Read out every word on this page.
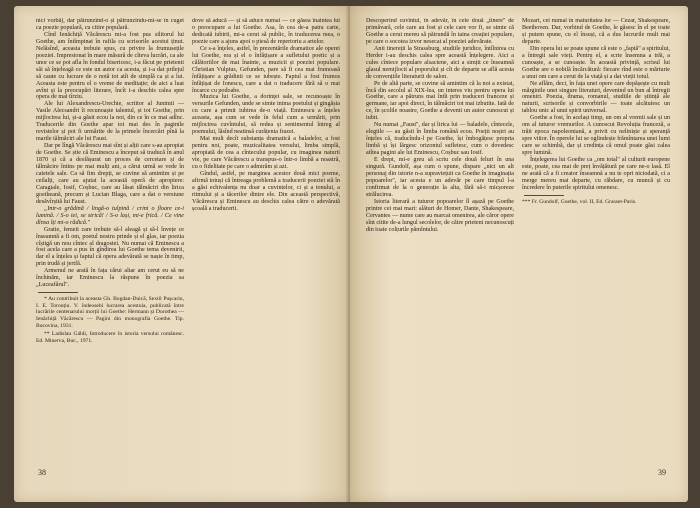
nici vorbă), dar pătrunzînd-o și pătrunzîndu-mi-se în cuget ca poezie populară, cu citire populară.

Cînd Ienăchiță Văcărescu mi-a fost pus silitorul lui Goethe, am întîmpinat în rafila cu scrisorile acestui ținut. Nelăsînd, aceasta trebuie spus, cu privire la frumusețile poeziei. Impresionat în mare măsură de cîteva lucrări, ca ale unor ce se pot afla în fondul bisericesc, i-a făcut pe prietenii săi să înțeleagă ce este un autor ca acesta, și i-a dat prilejul să caute cu lucrare de o notă tot atît de simplă ca și a lui. Aceasta este pentru el o vreme de meditație; de aici a luat avînt și la preocupări literare, încît i-a deschis calea spre opera de mai tîrziu.

Ale lui Alexandrescu-Urechie, scriitor al Junimii — Vasile Alecsandri îi recunoaște talentul, și tot Goethe, prin mijlocirea lui, și-a găsit ecou la noi, din ce în ce mai adînc. Traducerile din Goethe apar tot mai des în paginile revistelor și pot fi urmărite de la primele încercări pînă la marile tălmăciri ale lui Faust.

Dar pe lîngă Văcărescu mai sînt și alții care s-au apropiat de Goethe. Se știe că Eminescu a început să traducă în anul 1870 și că a desfășurat un proces de cercetare și de tălmăcire întins pe mai mulți ani, a cărui urmă se vede în caietele sale. Ca să fim drepți, se cuvine să amintim și pe ceilalți, care au ajutat la această operă de apropiere: Caragiale, Iosif, Coșbuc, care au lăsat tălmăciri din lirica goetheană, precum și Lucian Blaga, care a dat o versiune desăvîrșită lui Faust.

„Intr-o grădină / lingă-o tulpină / crini o floare ce-i lumină. / S-o iei, se strică! / S-o lași, mi-e frică. / Ce vine dînsa îți mi-o rădică."

Gratie, femeii care trebuie să-l aleagă și să-l învețe ce înseamnă a fi om, poetul nostru prinde și el glas, iar poezia cîștigă un nou cîntec al dragostei. Nu numai că Eminescu a fost acela care a pus în gîndirea lui Goethe tema devenirii, dar el a înțeles și faptul că opera adevărată se naște în timp, prin trudă și jertfă.

Armenul ne arată în fața cărui altar am cerut eu să ne închinăm, iar Eminescu la răspuns în poezia sa „Luceafărul".

* Au contribuit la aceasta Gh. Bogdan-Duică, Sextil Pușcariu, I. E. Torouțiu. V. îndeosebi lucrarea acestuia, publicată între lucrările centenarului morții lui Goethe: Hermann și Dorothea — Ienăchiță Văcărescu — Pagini din monografia Goethe. Tip. Bucovina, 1931.

** Ladislau Gáldi, Introducere în istoria versului românesc. Ed. Minerva, Buc., 1971.

dove să aducă — și să aduce numai — ce găsea înaintea lui o preocupare a lui Goethe. Asa, în cea de-a patra carte, dedicată iubirii, mi-a cerut să public, în traducerea mea, o poezie care a ajuns apoi o piesă de repertoriu a artelor.

Ce s-a înțeles, astfel, în prezentările dramatice ale operei lui Goethe, era și el o înfățișare a sufletului poetic și a călătoriilor de mai înainte, a muzicii și poeziei populare. Christian Vulpius, Gefunden, pare să fi cea mai frumoasă înfățișare a grădinii ce se iubește. Faptul a fost frumos înfățișat de Ionescu, care a dat o traducere fără să o mai încarce cu podoabe.

Muzica lui Goethe, a dorinței sale, se recunoaște în versurile Gefunden, unde se simte inima poetului și gingășia cu care a primit iubirea de-o viață. Eminescu a înțeles aceasta, așa cum se vede în felul cum a urmărit, prin mijlocirea cuvîntului, să redea și sentimentul întreg al poemului, lăsînd neatinsă curățenia frazei.

Mai mult decît substanța dramatică a baladelor, a fost pentru noi, poate, muzicalitatea versului, limba simplă, apropiată de cea a cîntecului popular, cu imaginea naturii vie, pe care Văcărescu a transpus-o într-o limbă a noastră, cu o fidelitate pe care o admirăm și azi.

Gîndul, astfel, pe marginea acestor două mici poeme, afirmă totuși că întreaga problemă a traducerii poeziei stă în a găsi echivalența nu doar a cuvintelor, ci și a tonului, a ritmului și a tăcerilor dintre ele. Din această perspectivă, Văcărescu și Eminescu au deschis calea către o adevărată școală a traducerii.

38

Descoperind cuvîntul, în adevăr, în cele două „tinere" de primăvară, cele care au fost și cele care vor fi, se simte că Goethe a cerut mereu să pătrundă în taina creației populare, pe care o socotea izvor nesecat al poeziei adevărate.

Anii tinereții la Strassburg, studiile juridice, întîlnirea cu Herder i-au deschis calea spre această înțelegere. Aici a cules cîntece populare alsaciene, aici a simțit ce înseamnă glasul nemijlocit al poporului și cît de departe se află acesta de convențiile literaturii de salon.

Pe de altă parte, se cuvine să amintim că la noi a existat, încă din secolul al XIX-lea, un interes viu pentru opera lui Goethe, care a pătruns mai întîi prin traduceri franceze și germane, iar apoi direct, în tălmăciri tot mai izbutite. Iată de ce, în școlile noastre, Goethe a devenit un autor cunoscut și iubit.

Nu numai „Faust", dar și lirica lui — baladele, cîntecele, elegiile — au găsit în limba română ecou. Poeții noștri au înțeles că, traducîndu-l pe Goethe, își îmbogățesc propria limbă și își lărgesc orizontul sufletesc, cum o dovedesc atîtea pagini ale lui Eminescu, Coșbuc sau Iosif.

E drept, mi-e greu să scriu cele două feluri în una singură. Gundolf, așa cum o spune, dispare „nici un alt personaj din istorie n-a supraviețuit ca Goethe în imaginația popoarelor", iar acesta e un adevăr pe care timpul l-a confirmat de la o generație la alta, fără să-i micșoreze strălucirea.

Istoria literară a tuturor popoarelor îl așază pe Goethe printre cei mai mari: alături de Homer, Dante, Shakespeare, Cervantes — nume care au marcat omenirea, ale căror opere sînt citite de-a lungul secolelor, de către prieteni necunoscuți din toate colțurile pămîntului.

Mozart, cei numai în maturitatea lor — Cezar, Shakespeare, Beethoven. Dar, vorbind de Goethe, le găsesc în el pe toate și putem spune, cu el însuși, că a dus lucrurile mult mai departe.

Din opera lui se poate spune că este o „faptă" a spiritului, a întregii sale vieți. Pentru el, a scrie însemna a trăi, a cunoaște, a se cunoaște. În această privință, scrisul lui Goethe are o nobilă încărcătură: fiecare rînd este o mărturie a unui om care a cerut de la viață și a dat vieții totul.

Ne aflăm, deci, în fața unei opere care depășește cu mult mărginile unei singure literaturi, devenind un bun al întregii omeniri. Poezia, drama, romanul, studiile de știință ale naturii, scrisorile și convorbirile — toate alcătuiesc un tablou unic al unui spirit universal.

Goethe a fost, în același timp, un om al vremii sale și un om al tuturor vremurilor. A cunoscut Revoluția franceză, a trăit epoca napoleoniană, a privit cu neliniște și speranță spre viitor. În operele lui se oglindește frămîntarea unei lumi care se schimbă, dar și credința că omul poate găsi calea spre lumină.

Înțelegerea lui Goethe ca „om total" al culturii europene este, poate, cea mai de preț învățătură pe care ne-o lasă. El ne arată că a fi creator înseamnă a nu te opri niciodată, ci a merge mereu mai departe, cu răbdare, cu muncă și cu încredere în puterile spiritului omenesc.

*** Fr. Gundolf, Goethe, vol. II, Ed. Grasset-Paris.

39
